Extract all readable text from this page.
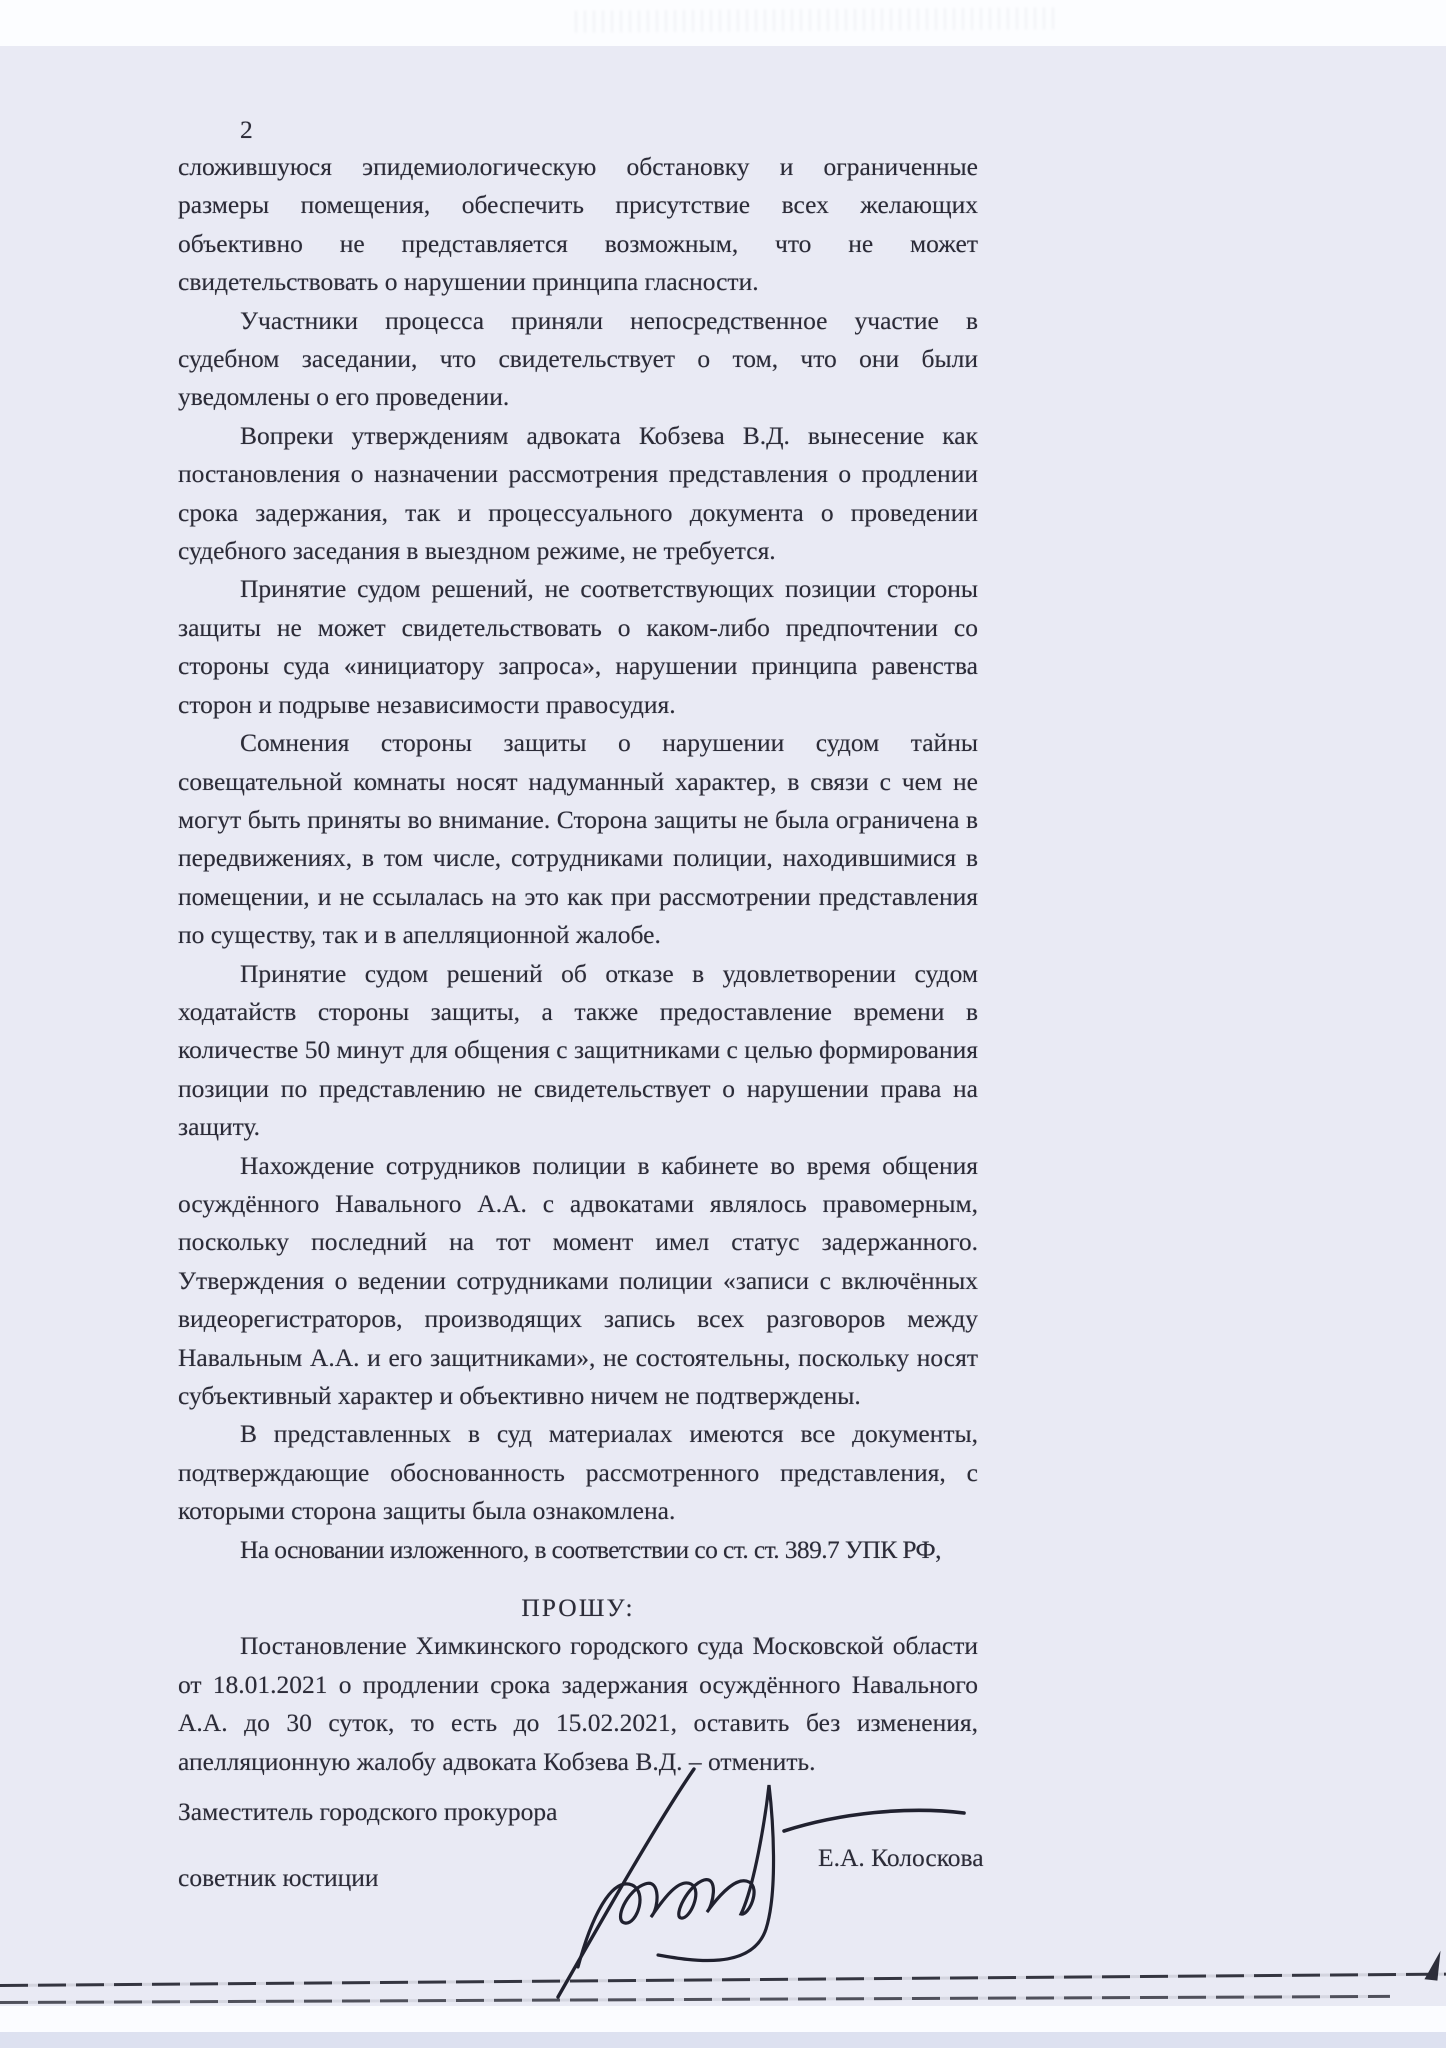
2

сложившуюся эпидемиологическую обстановку и ограниченные размеры помещения, обеспечить присутствие всех желающих объективно не представляется возможным, что не может свидетельствовать о нарушении принципа гласности.

Участники процесса приняли непосредственное участие в судебном заседании, что свидетельствует о том, что они были уведомлены о его проведении.

Вопреки утверждениям адвоката Кобзева В.Д. вынесение как постановления о назначении рассмотрения представления о продлении срока задержания, так и процессуального документа о проведении судебного заседания в выездном режиме, не требуется.

Принятие судом решений, не соответствующих позиции стороны защиты не может свидетельствовать о каком-либо предпочтении со стороны суда «инициатору запроса», нарушении принципа равенства сторон и подрыве независимости правосудия.

Сомнения стороны защиты о нарушении судом тайны совещательной комнаты носят надуманный характер, в связи с чем не могут быть приняты во внимание. Сторона защиты не была ограничена в передвижениях, в том числе, сотрудниками полиции, находившимися в помещении, и не ссылалась на это как при рассмотрении представления по существу, так и в апелляционной жалобе.

Принятие судом решений об отказе в удовлетворении судом ходатайств стороны защиты, а также предоставление времени в количестве 50 минут для общения с защитниками с целью формирования позиции по представлению не свидетельствует о нарушении права на защиту.

Нахождение сотрудников полиции в кабинете во время общения осуждённого Навального А.А. с адвокатами являлось правомерным, поскольку последний на тот момент имел статус задержанного. Утверждения о ведении сотрудниками полиции «записи с включённых видеорегистраторов, производящих запись всех разговоров между Навальным А.А. и его защитниками», не состоятельны, поскольку носят субъективный характер и объективно ничем не подтверждены.

В представленных в суд материалах имеются все документы, подтверждающие обоснованность рассмотренного представления, с которыми сторона защиты была ознакомлена.

На основании изложенного, в соответствии со ст. ст. 389.7 УПК РФ,

ПРОШУ:

Постановление Химкинского городского суда Московской области от 18.01.2021 о продлении срока задержания осуждённого Навального А.А. до 30 суток, то есть до 15.02.2021, оставить без изменения, апелляционную жалобу адвоката Кобзева В.Д. – отменить.

Заместитель городского прокурора
советник юстиции
Е.А. Колоскова
